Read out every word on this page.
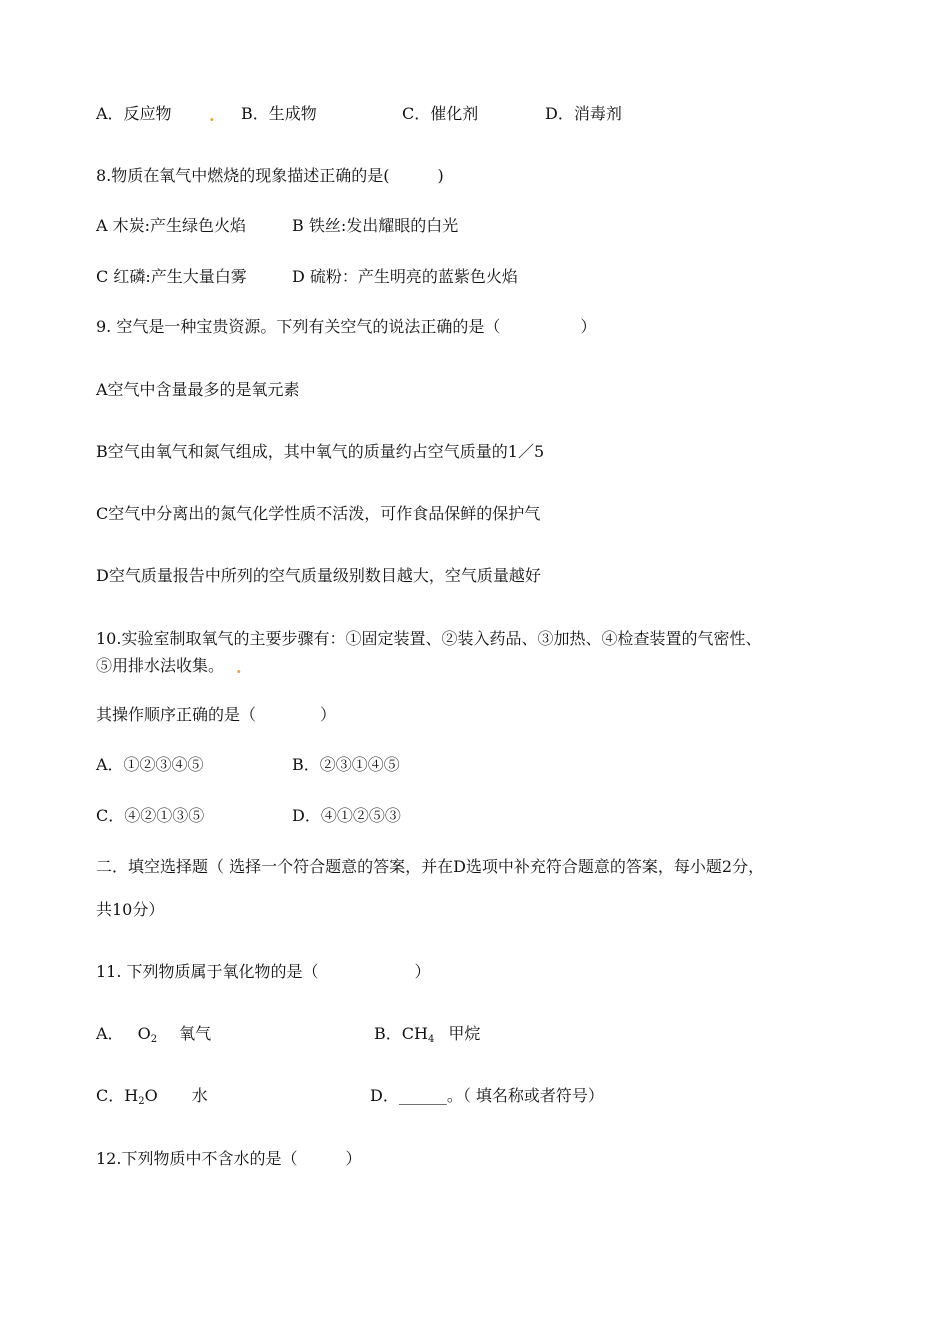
A．反应物 . B．生成物	C．催化剂	D．消毒剂
8.物质在氧气中燃烧的现象描述正确的是(　　　)
A 木炭:产生绿色火焰	B 铁丝:发出耀眼的白光
C 红磷:产生大量白雾	D 硫粉：产生明亮的蓝紫色火焰
9. 空气是一种宝贵资源。下列有关空气的说法正确的是（　　　　　）
A空气中含量最多的是氧元素
B空气由氧气和氮气组成，其中氧气的质量约占空气质量的1／5
C空气中分离出的氮气化学性质不活泼，可作食品保鲜的保护气
D空气质量报告中所列的空气质量级别数目越大，空气质量越好
10.实验室制取氧气的主要步骤有：①固定装置、②装入药品、③加热、④检查装置的气密性、
⑤用排水法收集。 .
其操作顺序正确的是（　　　　）
A．①②③④⑤	B．②③①④⑤
C．④②①③⑤	D．④①②⑤③
二．填空选择题（ 选择一个符合题意的答案，并在D选项中补充符合题意的答案，每小题2分，
共10分）
11. 下列物质属于氧化物的是（　　　　　　）
A． $O_2$ 氧气	B．$CH_4$ 甲烷
C．$H_2O$ 水	D．______。（ 填名称或者符号）
12.下列物质中不含水的是（　　　）
